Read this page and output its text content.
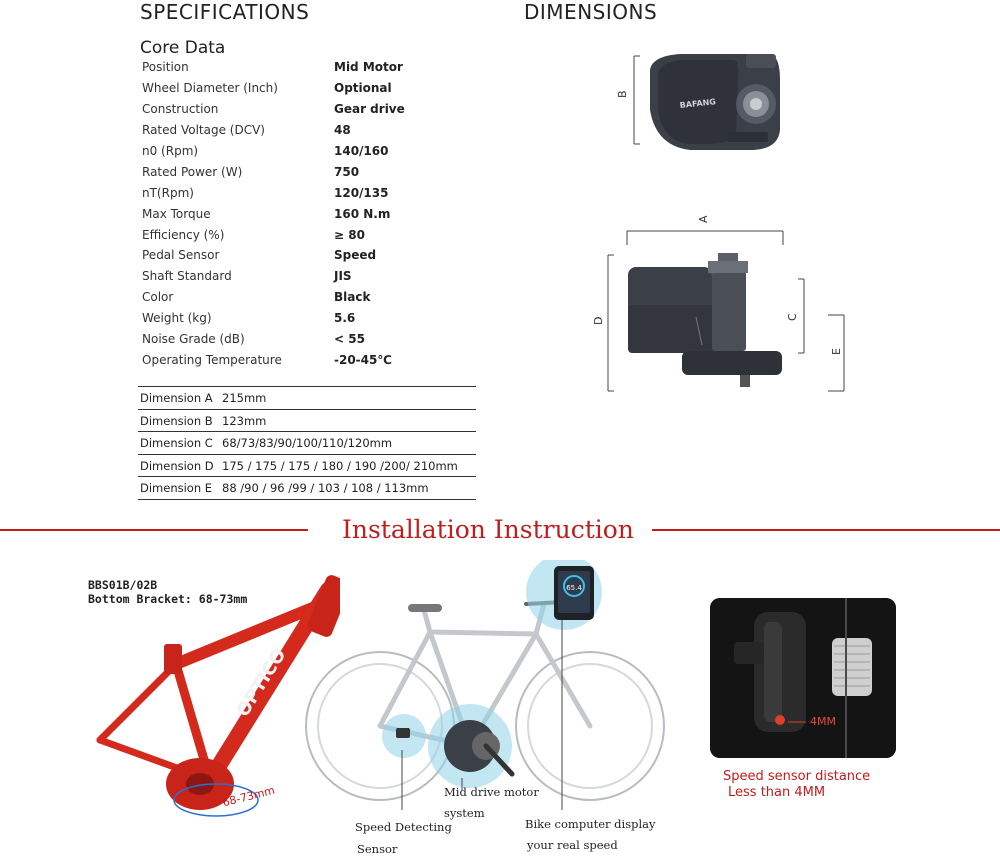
SPECIFICATIONS	DIMENSIONS
Core Data
Position	Mid Motor
Wheel Diameter (Inch)	Optional
Construction	Gear drive
Rated Voltage (DCV)	48
n0 (Rpm)	140/160
Rated Power (W)	750
nT(Rpm)	120/135
Max Torque	160 N.m
Efficiency (%)	≥ 80
Pedal Sensor	Speed
Shaft Standard	JIS
Color	Black
Weight (kg)	5.6
Noise Grade (dB)	< 55
Operating Temperature	-20-45℃
Dimension A 215mm
Dimension B 123mm
Dimension C 68/73/83/90/100/110/120mm
Dimension D 175 / 175 / 175 / 180 / 190 /200/ 210mm
Dimension E 88 /90 / 96 /99 / 103 / 108 / 113mm
B
BAFANG
A
D	C
E
Installation Instruction
BBS01B/02B
Bottom Bracket: 68-73mm
OPTICO
68-73mm
65.4
Speed Detecting
Sensor
Mid drive motor
system
Bike computer display
your real speed
4MM
Speed sensor distance
Less than 4MM
